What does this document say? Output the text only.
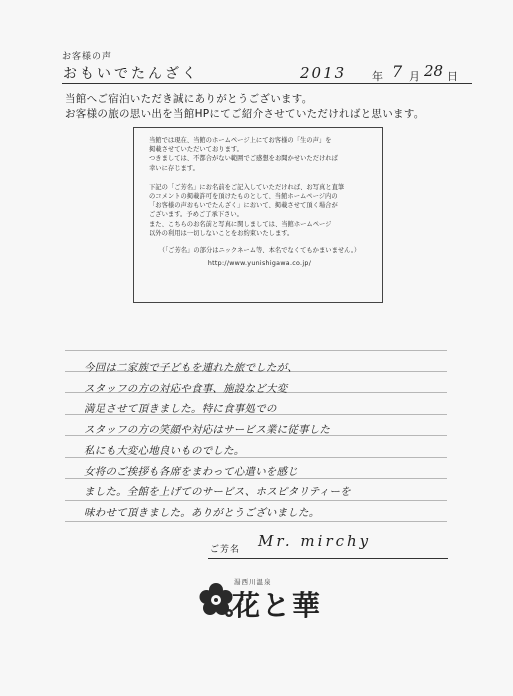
お客様の声
おもいでたんざく	2013 年 7 月 28 日
当館へご宿泊いただき誠にありがとうございます。
お客様の旅の思い出を当館HPにてご紹介させていただければと思います。

当館では現在、当館のホームページ上にてお客様の「生の声」を

掲載させていただいております。

つきましては、不都合がない範囲でご感想をお聞かせいただければ

幸いに存じます。

下記の「ご芳名」にお名前をご記入していただければ、お写真と直筆

のコメントの掲載許可を頂けたものとして、当館ホームページ内の

「お客様の声おもいでたんざく」において、掲載させて頂く場合が

ございます。予めご了承下さい。

また、こちらのお名前と写真に関しましては、当館ホームページ

以外の利用は一切しないことをお約束いたします。

（「ご芳名」の部分はニックネーム等、本名でなくてもかまいません。）

http://www.yunishigawa.co.jp/

今回は二家族で子どもを連れた旅でしたが、
スタッフの方の対応や食事、施設など大変
満足させて頂きました。特に食事処での
スタッフの方の笑顔や対応はサービス業に従事した
私にも大変心地良いものでした。
女将のご挨拶も各席をまわって心遣いを感じ
ました。全館を上げてのサービス、ホスピタリティーを
味わせて頂きました。ありがとうございました。
ご芳名 Mr. mirchy
湯西川温泉
花と華
